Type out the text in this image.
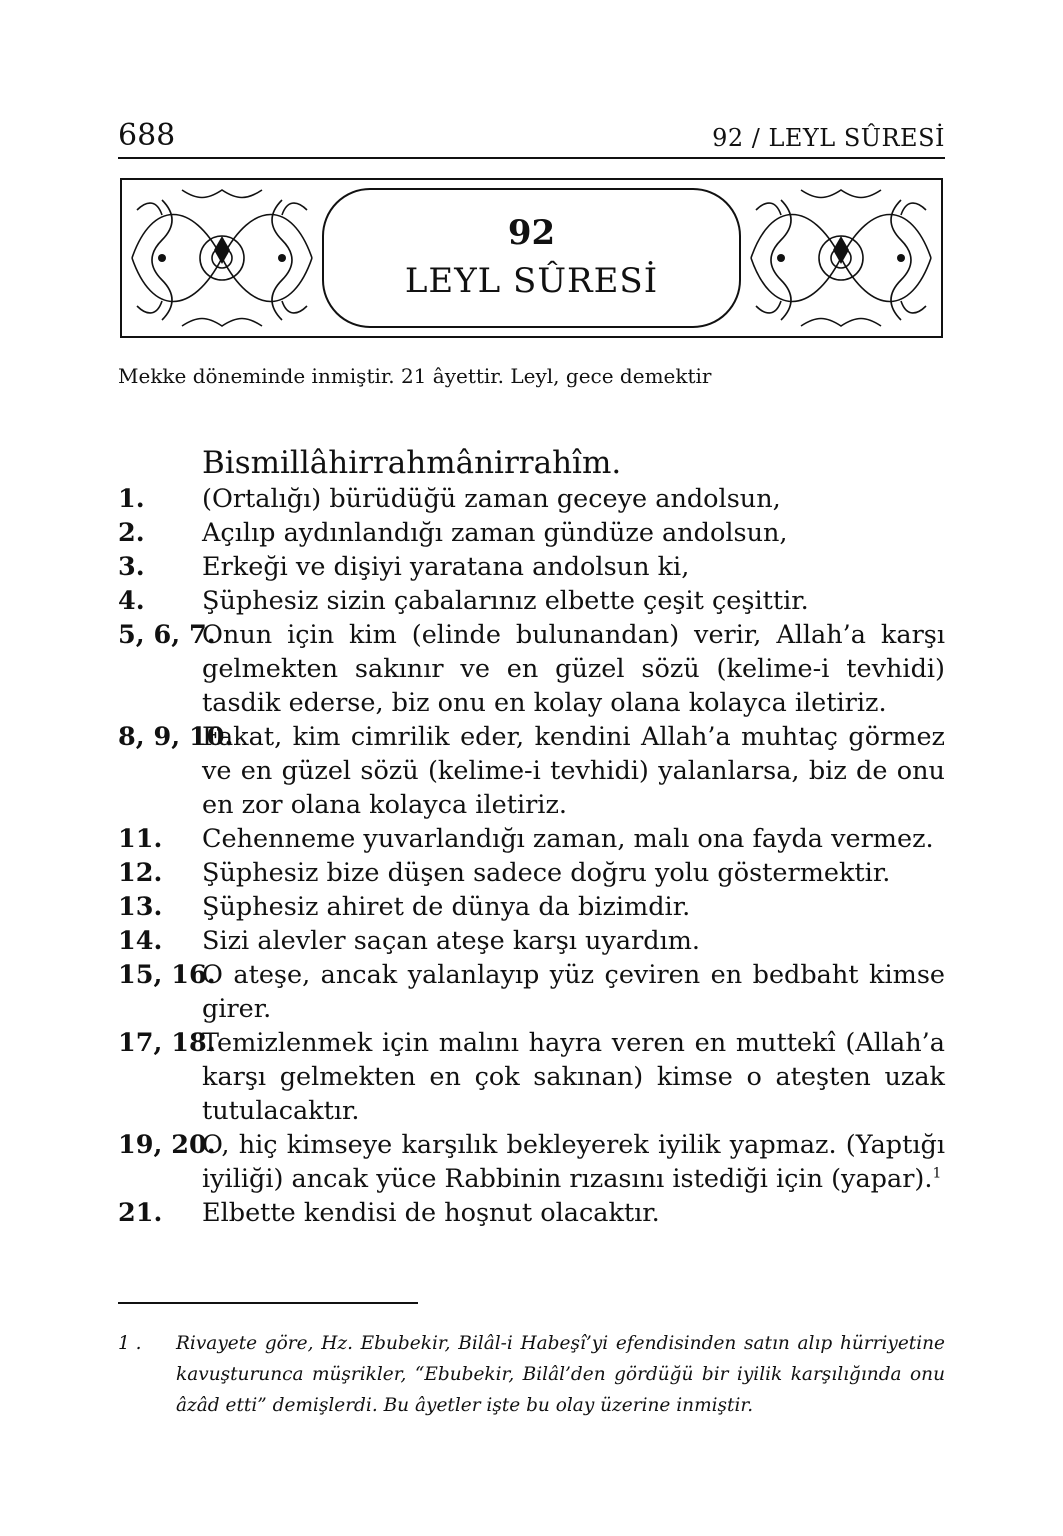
688	92 / LEYL SÛRESİ
92
LEYL SÛRESİ
Mekke döneminde inmiştir. 21 âyettir. Leyl, gece demektir
Bismillâhirrahmânirrahîm.
1. (Ortalığı) bürüdüğü zaman geceye andolsun,
2. Açılıp aydınlandığı zaman gündüze andolsun,
3. Erkeği ve dişiyi yaratana andolsun ki,
4. Şüphesiz sizin çabalarınız elbette çeşit çeşittir.
5, 6, 7.
Onun için kim (elinde bulunandan) verir, Allah’a karşı gelmekten sakınır ve en güzel sözü (kelime-i tevhidi) tasdik ederse, biz onu en kolay olana kolayca iletiriz.
8, 9, 10.
Fakat, kim cimrilik eder, kendini Allah’a muhtaç görmez ve en güzel sözü (kelime-i tevhidi) yalanlarsa, biz de onu en zor olana kolayca iletiriz.
11. Cehenneme yuvarlandığı zaman, malı ona fayda vermez.
12. Şüphesiz bize düşen sadece doğru yolu göstermektir.
13. Şüphesiz ahiret de dünya da bizimdir.
14. Sizi alevler saçan ateşe karşı uyardım.
15, 16.
O ateşe, ancak yalanlayıp yüz çeviren en bedbaht kimse girer.
17, 18.
Temizlenmek için malını hayra veren en muttekî (Allah’a karşı gelmekten en çok sakınan) kimse o ateşten uzak tutulacaktır.
19, 20.
O, hiç kimseye karşılık bekleyerek iyilik yapmaz. (Yaptığı iyiliği) ancak yüce Rabbinin rızasını istediği için (yapar).$^1$
21. Elbette kendisi de hoşnut olacaktır.
1 .	Rivayete göre, Hz. Ebubekir, Bilâl-i Habeşî’yi efendisinden satın alıp hürriyetine kavuşturunca müşrikler, “Ebubekir, Bilâl’den gördüğü bir iyilik karşılığında onu âzâd etti” demişlerdi. Bu âyetler işte bu olay üzerine inmiştir.
